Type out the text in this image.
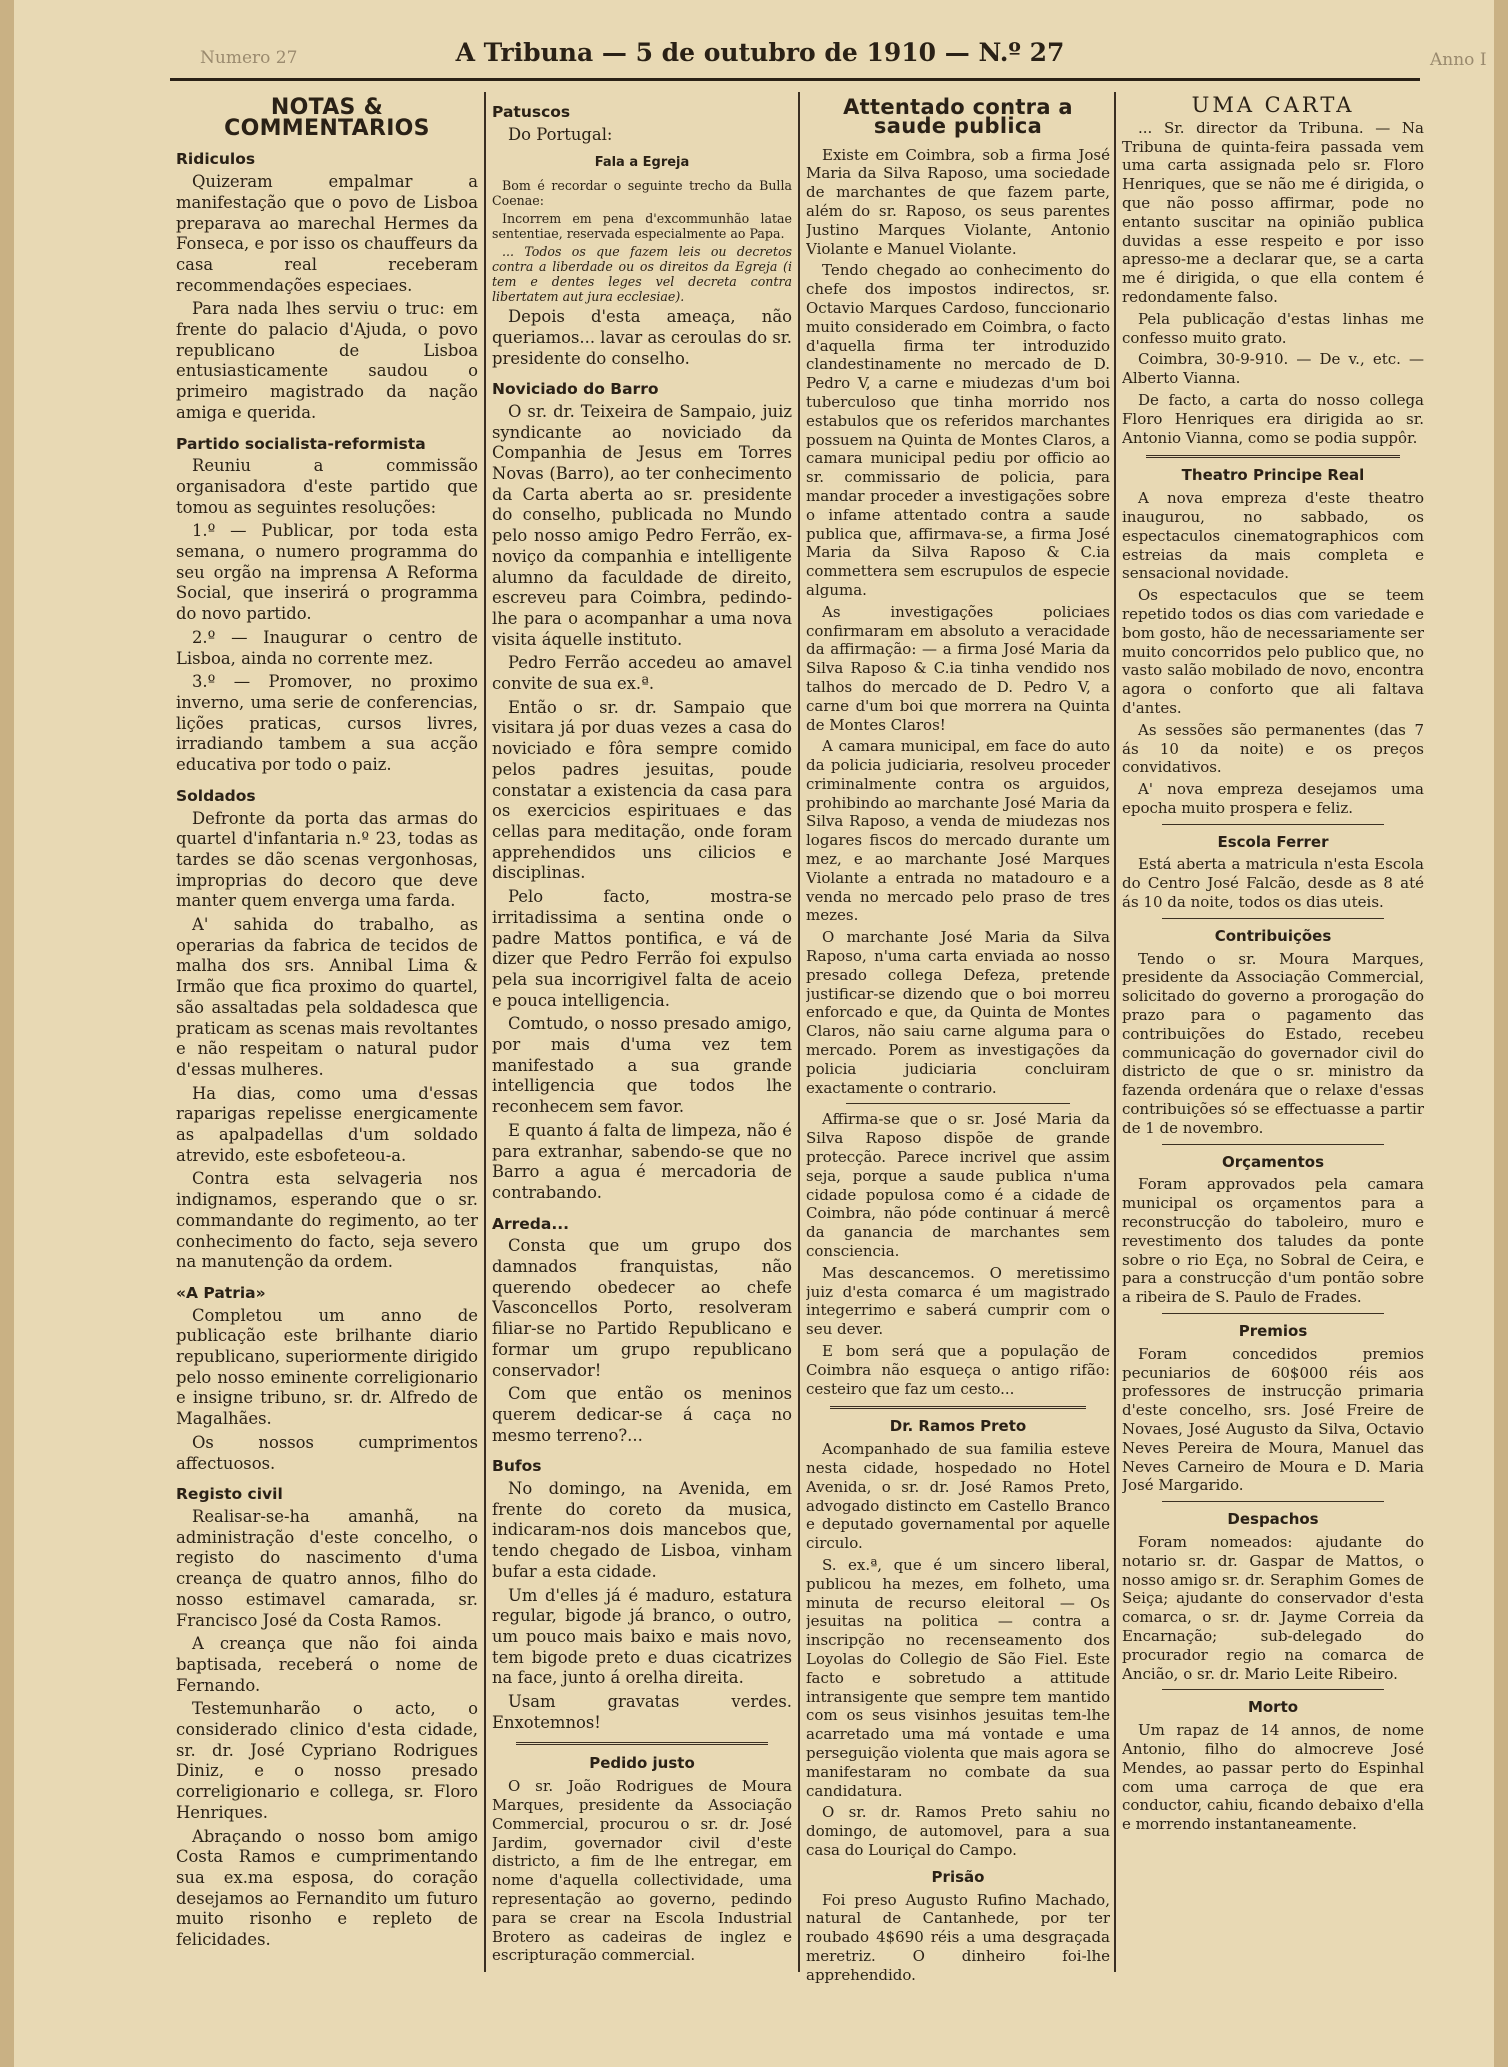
Numero 27	Anno I
A Tribuna — 5 de outubro de 1910 — N.º 27
NOTAS & COMMENTARIOS
Ridiculos

Quizeram empalmar a manifestação que o povo de Lisboa preparava ao marechal Hermes da Fonseca, e por isso os chauffeurs da casa real receberam recommendações especiaes.

Para nada lhes serviu o truc: em frente do palacio d'Ajuda, o povo republicano de Lisboa entusiasticamente saudou o primeiro magistrado da nação amiga e querida.

Partido socialista-reformista

Reuniu a commissão organisadora d'este partido que tomou as seguintes resoluções:

1.º — Publicar, por toda esta semana, o numero programma do seu orgão na imprensa A Reforma Social, que inserirá o programma do novo partido.

2.º — Inaugurar o centro de Lisboa, ainda no corrente mez.

3.º — Promover, no proximo inverno, uma serie de conferencias, lições praticas, cursos livres, irradiando tambem a sua acção educativa por todo o paiz.

Soldados

Defronte da porta das armas do quartel d'infantaria n.º 23, todas as tardes se dão scenas vergonhosas, improprias do decoro que deve manter quem enverga uma farda.

A' sahida do trabalho, as operarias da fabrica de tecidos de malha dos srs. Annibal Lima & Irmão que fica proximo do quartel, são assaltadas pela soldadesca que praticam as scenas mais revoltantes e não respeitam o natural pudor d'essas mulheres.

Ha dias, como uma d'essas raparigas repelisse energicamente as apalpadellas d'um soldado atrevido, este esbofeteou-a.

Contra esta selvageria nos indignamos, esperando que o sr. commandante do regimento, ao ter conhecimento do facto, seja severo na manutenção da ordem.

«A Patria»

Completou um anno de publicação este brilhante diario republicano, superiormente dirigido pelo nosso eminente correligionario e insigne tribuno, sr. dr. Alfredo de Magalhães.

Os nossos cumprimentos affectuosos.

Registo civil

Realisar-se-ha amanhã, na administração d'este concelho, o registo do nascimento d'uma creança de quatro annos, filho do nosso estimavel camarada, sr. Francisco José da Costa Ramos.

A creança que não foi ainda baptisada, receberá o nome de Fernando.

Testemunharão o acto, o considerado clinico d'esta cidade, sr. dr. José Cypriano Rodrigues Diniz, e o nosso presado correligionario e collega, sr. Floro Henriques.

Abraçando o nosso bom amigo Costa Ramos e cumprimentando sua ex.ma esposa, do coração desejamos ao Fernandito um futuro muito risonho e repleto de felicidades.

Patuscos

Do Portugal:

Fala a Egreja

Bom é recordar o seguinte trecho da Bulla Coenae:

Incorrem em pena d'excommunhão latae sententiae, reservada especialmente ao Papa.

... Todos os que fazem leis ou decretos contra a liberdade ou os direitos da Egreja (i tem e dentes leges vel decreta contra libertatem aut jura ecclesiae).

Depois d'esta ameaça, não queriamos... lavar as ceroulas do sr. presidente do conselho.

Noviciado do Barro

O sr. dr. Teixeira de Sampaio, juiz syndicante ao noviciado da Companhia de Jesus em Torres Novas (Barro), ao ter conhecimento da Carta aberta ao sr. presidente do conselho, publicada no Mundo pelo nosso amigo Pedro Ferrão, ex-noviço da companhia e intelligente alumno da faculdade de direito, escreveu para Coimbra, pedindo-lhe para o acompanhar a uma nova visita áquelle instituto.

Pedro Ferrão accedeu ao amavel convite de sua ex.ª.

Então o sr. dr. Sampaio que visitara já por duas vezes a casa do noviciado e fôra sempre comido pelos padres jesuitas, poude constatar a existencia da casa para os exercicios espirituaes e das cellas para meditação, onde foram apprehendidos uns cilicios e disciplinas.

Pelo facto, mostra-se irritadissima a sentina onde o padre Mattos pontifica, e vá de dizer que Pedro Ferrão foi expulso pela sua incorrigivel falta de aceio e pouca intelligencia.

Comtudo, o nosso presado amigo, por mais d'uma vez tem manifestado a sua grande intelligencia que todos lhe reconhecem sem favor.

E quanto á falta de limpeza, não é para extranhar, sabendo-se que no Barro a agua é mercadoria de contrabando.

Arreda...

Consta que um grupo dos damnados franquistas, não querendo obedecer ao chefe Vasconcellos Porto, resolveram filiar-se no Partido Republicano e formar um grupo republicano conservador!

Com que então os meninos querem dedicar-se á caça no mesmo terreno?...

Bufos

No domingo, na Avenida, em frente do coreto da musica, indicaram-nos dois mancebos que, tendo chegado de Lisboa, vinham bufar a esta cidade.

Um d'elles já é maduro, estatura regular, bigode já branco, o outro, um pouco mais baixo e mais novo, tem bigode preto e duas cicatrizes na face, junto á orelha direita.

Usam gravatas verdes. Enxotemnos!

Pedido justo

O sr. João Rodrigues de Moura Marques, presidente da Associação Commercial, procurou o sr. dr. José Jardim, governador civil d'este districto, a fim de lhe entregar, em nome d'aquella collectividade, uma representação ao governo, pedindo para se crear na Escola Industrial Brotero as cadeiras de inglez e escripturação commercial.

Attentado contra a saude publica

Existe em Coimbra, sob a firma José Maria da Silva Raposo, uma sociedade de marchantes de que fazem parte, além do sr. Raposo, os seus parentes Justino Marques Violante, Antonio Violante e Manuel Violante.

Tendo chegado ao conhecimento do chefe dos impostos indirectos, sr. Octavio Marques Cardoso, funccionario muito considerado em Coimbra, o facto d'aquella firma ter introduzido clandestinamente no mercado de D. Pedro V, a carne e miudezas d'um boi tuberculoso que tinha morrido nos estabulos que os referidos marchantes possuem na Quinta de Montes Claros, a camara municipal pediu por officio ao sr. commissario de policia, para mandar proceder a investigações sobre o infame attentado contra a saude publica que, affirmava-se, a firma José Maria da Silva Raposo & C.ia commettera sem escrupulos de especie alguma.

As investigações policiaes confirmaram em absoluto a veracidade da affirmação: — a firma José Maria da Silva Raposo & C.ia tinha vendido nos talhos do mercado de D. Pedro V, a carne d'um boi que morrera na Quinta de Montes Claros!

A camara municipal, em face do auto da policia judiciaria, resolveu proceder criminalmente contra os arguidos, prohibindo ao marchante José Maria da Silva Raposo, a venda de miudezas nos logares fiscos do mercado durante um mez, e ao marchante José Marques Violante a entrada no matadouro e a venda no mercado pelo praso de tres mezes.

O marchante José Maria da Silva Raposo, n'uma carta enviada ao nosso presado collega Defeza, pretende justificar-se dizendo que o boi morreu enforcado e que, da Quinta de Montes Claros, não saiu carne alguma para o mercado. Porem as investigações da policia judiciaria concluiram exactamente o contrario.

Affirma-se que o sr. José Maria da Silva Raposo dispõe de grande protecção. Parece incrivel que assim seja, porque a saude publica n'uma cidade populosa como é a cidade de Coimbra, não póde continuar á mercê da ganancia de marchantes sem consciencia.

Mas descancemos. O meretissimo juiz d'esta comarca é um magistrado integerrimo e saberá cumprir com o seu dever.

E bom será que a população de Coimbra não esqueça o antigo rifão: cesteiro que faz um cesto...

Dr. Ramos Preto

Acompanhado de sua familia esteve nesta cidade, hospedado no Hotel Avenida, o sr. dr. José Ramos Preto, advogado distincto em Castello Branco e deputado governamental por aquelle circulo.

S. ex.ª, que é um sincero liberal, publicou ha mezes, em folheto, uma minuta de recurso eleitoral — Os jesuitas na politica — contra a inscripção no recenseamento dos Loyolas do Collegio de São Fiel. Este facto e sobretudo a attitude intransigente que sempre tem mantido com os seus visinhos jesuitas tem-lhe acarretado uma má vontade e uma perseguição violenta que mais agora se manifestaram no combate da sua candidatura.

O sr. dr. Ramos Preto sahiu no domingo, de automovel, para a sua casa do Louriçal do Campo.

Prisão

Foi preso Augusto Rufino Machado, natural de Cantanhede, por ter roubado 4$690 réis a uma desgraçada meretriz. O dinheiro foi-lhe apprehendido.

UMA CARTA

... Sr. director da Tribuna. — Na Tribuna de quinta-feira passada vem uma carta assignada pelo sr. Floro Henriques, que se não me é dirigida, o que não posso affirmar, pode no entanto suscitar na opinião publica duvidas a esse respeito e por isso apresso-me a declarar que, se a carta me é dirigida, o que ella contem é redondamente falso.

Pela publicação d'estas linhas me confesso muito grato.

Coimbra, 30-9-910. — De v., etc. — Alberto Vianna.

De facto, a carta do nosso collega Floro Henriques era dirigida ao sr. Antonio Vianna, como se podia suppôr.

Theatro Principe Real

A nova empreza d'este theatro inaugurou, no sabbado, os espectaculos cinematographicos com estreias da mais completa e sensacional novidade.

Os espectaculos que se teem repetido todos os dias com variedade e bom gosto, hão de necessariamente ser muito concorridos pelo publico que, no vasto salão mobilado de novo, encontra agora o conforto que ali faltava d'antes.

As sessões são permanentes (das 7 ás 10 da noite) e os preços convidativos.

A' nova empreza desejamos uma epocha muito prospera e feliz.

Escola Ferrer

Está aberta a matricula n'esta Escola do Centro José Falcão, desde as 8 até ás 10 da noite, todos os dias uteis.

Contribuições

Tendo o sr. Moura Marques, presidente da Associação Commercial, solicitado do governo a prorogação do prazo para o pagamento das contribuições do Estado, recebeu communicação do governador civil do districto de que o sr. ministro da fazenda ordenára que o relaxe d'essas contribuições só se effectuasse a partir de 1 de novembro.

Orçamentos

Foram approvados pela camara municipal os orçamentos para a reconstrucção do taboleiro, muro e revestimento dos taludes da ponte sobre o rio Eça, no Sobral de Ceira, e para a construcção d'um pontão sobre a ribeira de S. Paulo de Frades.

Premios

Foram concedidos premios pecuniarios de 60$000 réis aos professores de instrucção primaria d'este concelho, srs. José Freire de Novaes, José Augusto da Silva, Octavio Neves Pereira de Moura, Manuel das Neves Carneiro de Moura e D. Maria José Margarido.

Despachos

Foram nomeados: ajudante do notario sr. dr. Gaspar de Mattos, o nosso amigo sr. dr. Seraphim Gomes de Seiça; ajudante do conservador d'esta comarca, o sr. dr. Jayme Correia da Encarnação; sub-delegado do procurador regio na comarca de Ancião, o sr. dr. Mario Leite Ribeiro.

Morto

Um rapaz de 14 annos, de nome Antonio, filho do almocreve José Mendes, ao passar perto do Espinhal com uma carroça de que era conductor, cahiu, ficando debaixo d'ella e morrendo instantaneamente.
